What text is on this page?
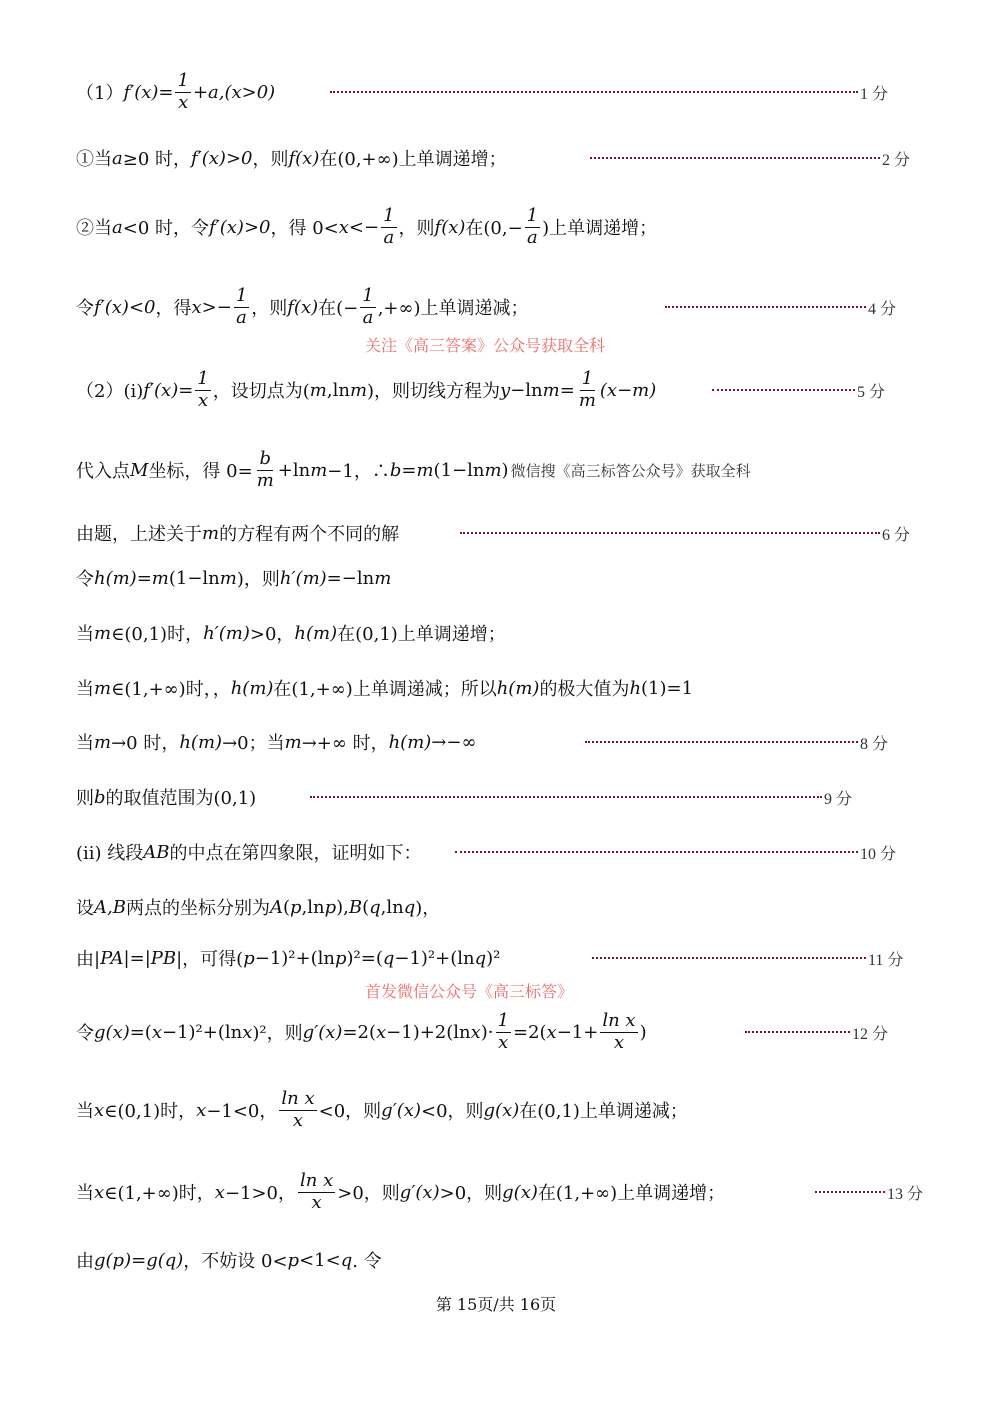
（1） $f'(x)= \frac{1}{x} +a,(x>0)$	1 分
①当 a ≥0 时， f′(x)>0 ，则 f(x) 在(0,+∞)上单调递增；	2 分
②当 a <0 时，令 f′(x)>0 ，得 $0< x <- \frac{1}{a}$ ，则 f(x) 在($0,- \frac{1}{a}$ )上单调递增；
令 f′(x)<0 ，得 $x >- \frac{1}{a}$ ，则 f(x) 在(− $\frac{1}{a}$ ,+∞)上单调递减；	4 分
（2）(i) $f'(x)= \frac{1}{x}$ ，设切点为( m ,ln m )，则切线方程为 y −ln $m = \frac{1}{m} (x-m)$	5 分
代入点 M 坐标，得 $0= \frac{b}{m} +\ln$ m −1，∴ b = m (1−ln m ) 微信搜《高三标答公众号》获取全科
由题，上述关于 m 的方程有两个不同的解	6 分
令 h(m)=m (1−ln m )，则 h′(m) =−ln m
当 m ∈(0,1)时， h′(m) >0， h(m) 在(0,1)上单调递增；
当 m ∈(1,+∞)时，， h(m) 在(1,+∞)上单调递减；所以 h(m) 的极大值为 h (1)=1
当 m →0 时， h(m) →0；当 m →+∞ 时， h(m) →−∞	8 分
则 b 的取值范围为(0,1)	9 分
(ii) 线段 AB 的中点在第四象限，证明如下：	10 分
设 A,B 两点的坐标分别为 A ( p ,ln p ), B ( q ,ln q )，
由| PA |=| PB |，可得( p −1)²+(ln p )²=( q −1)²+(ln q )²	11 分
令 g(x) =( x −1)²+(ln x )²，则 g′(x) =2( x −1)+2(ln x )· $\frac{1}{x} =2$( $x -1+ \frac{\text{ln x}}{x}$ )	12 分
当 x ∈(0,1)时， x −1<0， $\frac{\text{ln x}}{x} <0$，则 g′(x) <0，则 g(x) 在(0,1)上单调递减；
当 x ∈(1,+∞)时， x −1>0， $\frac{\text{ln x}}{x} >0$，则 g′(x) >0，则 g(x) 在(1,+∞)上单调递增；	13 分
由 g(p) = g(q) ，不妨设 0< p <1< q . 令
关注《高三答案》公众号获取全科
首发微信公众号《高三标答》
第 15页/共 16页
